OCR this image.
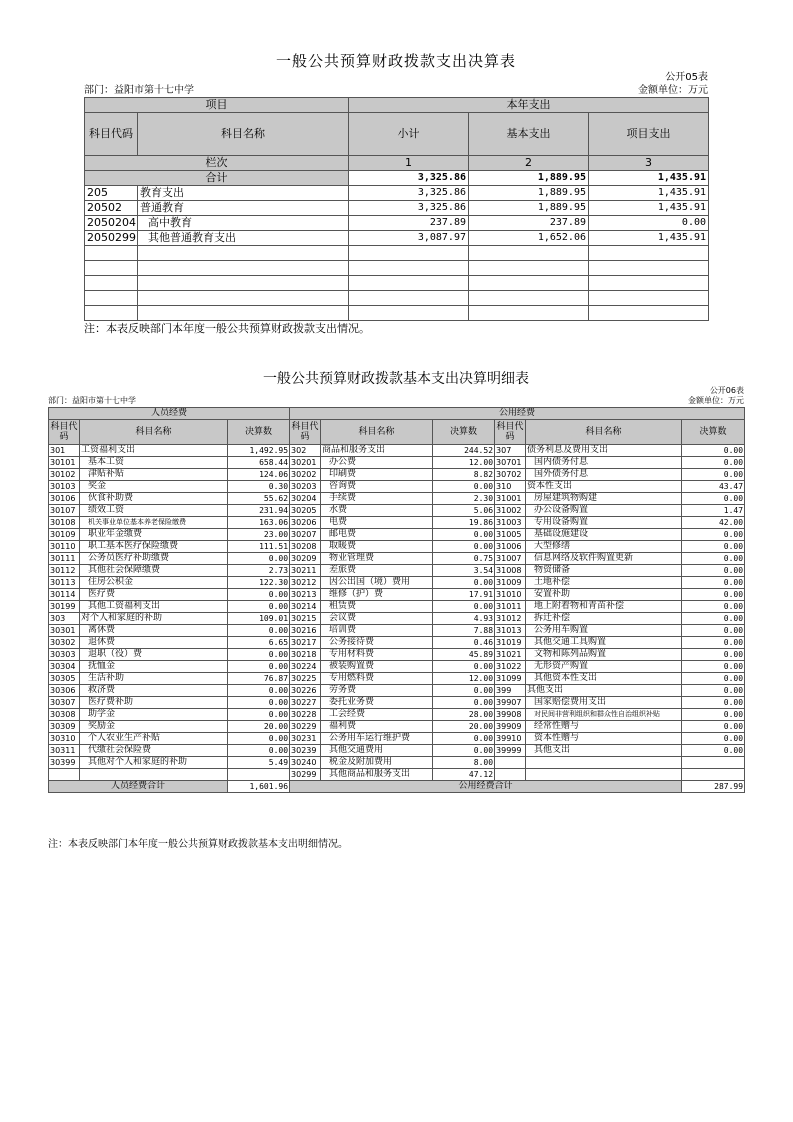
一般公共预算财政拨款支出决算表
公开05表
部门：益阳市第十七中学	金额单位：万元
项目		本年支出		
科目代码	科目名称	小计	基本支出	项目支出
栏次		1	2	3
合计		3,325.86	1,889.95	1,435.91
205	教育支出	3,325.86	1,889.95	1,435.91
20502	普通教育	3,325.86	1,889.95	1,435.91
2050204	高中教育	237.89	237.89	0.00
2050299	其他普通教育支出	3,087.97	1,652.06	1,435.91

注：本表反映部门本年度一般公共预算财政拨款支出情况。
一般公共预算财政拨款基本支出决算明细表
公开06表
部门：益阳市第十七中学	金额单位：万元
人员经费			公用经费					
科目代码	科目名称	决算数	科目代码	科目名称	决算数	科目代码	科目名称	决算数
301	工资福利支出	1,492.95	302	商品和服务支出	244.52	307	债务利息及费用支出	0.00
30101	基本工资	658.44	30201	办公费	12.00	30701	国内债务付息	0.00
30102	津贴补贴	124.06	30202	印刷费	8.82	30702	国外债务付息	0.00
30103	奖金	0.30	30203	咨询费	0.00	310	资本性支出	43.47
30106	伙食补助费	55.62	30204	手续费	2.30	31001	房屋建筑物购建	0.00
30107	绩效工资	231.94	30205	水费	5.06	31002	办公设备购置	1.47
30108	机关事业单位基本养老保险缴费	163.06	30206	电费	19.86	31003	专用设备购置	42.00
30109	职业年金缴费	23.00	30207	邮电费	0.00	31005	基础设施建设	0.00
30110	职工基本医疗保险缴费	111.51	30208	取暖费	0.00	31006	大型修缮	0.00
30111	公务员医疗补助缴费	0.00	30209	物业管理费	0.75	31007	信息网络及软件购置更新	0.00
30112	其他社会保障缴费	2.73	30211	差旅费	3.54	31008	物资储备	0.00
30113	住房公积金	122.30	30212	因公出国（境）费用	0.00	31009	土地补偿	0.00
30114	医疗费	0.00	30213	维修（护）费	17.91	31010	安置补助	0.00
30199	其他工资福利支出	0.00	30214	租赁费	0.00	31011	地上附着物和青苗补偿	0.00
303	对个人和家庭的补助	109.01	30215	会议费	4.93	31012	拆迁补偿	0.00
30301	离休费	0.00	30216	培训费	7.88	31013	公务用车购置	0.00
30302	退休费	6.65	30217	公务接待费	0.46	31019	其他交通工具购置	0.00
30303	退职（役）费	0.00	30218	专用材料费	45.89	31021	文物和陈列品购置	0.00
30304	抚恤金	0.00	30224	被装购置费	0.00	31022	无形资产购置	0.00
30305	生活补助	76.87	30225	专用燃料费	12.00	31099	其他资本性支出	0.00
30306	救济费	0.00	30226	劳务费	0.00	399	其他支出	0.00
30307	医疗费补助	0.00	30227	委托业务费	0.00	39907	国家赔偿费用支出	0.00
30308	助学金	0.00	30228	工会经费	28.00	39908	对民间非营利组织和群众性自治组织补贴	0.00
30309	奖励金	20.00	30229	福利费	20.00	39909	经常性赠与	0.00
30310	个人农业生产补贴	0.00	30231	公务用车运行维护费	0.00	39910	资本性赠与	0.00
30311	代缴社会保险费	0.00	30239	其他交通费用	0.00	39999	其他支出	0.00
30399	其他对个人和家庭的补助	5.49	30240	税金及附加费用	8.00			
			30299	其他商品和服务支出	47.12			
人员经费合计		1,601.96	公用经费合计					287.99
注：本表反映部门本年度一般公共预算财政拨款基本支出明细情况。
